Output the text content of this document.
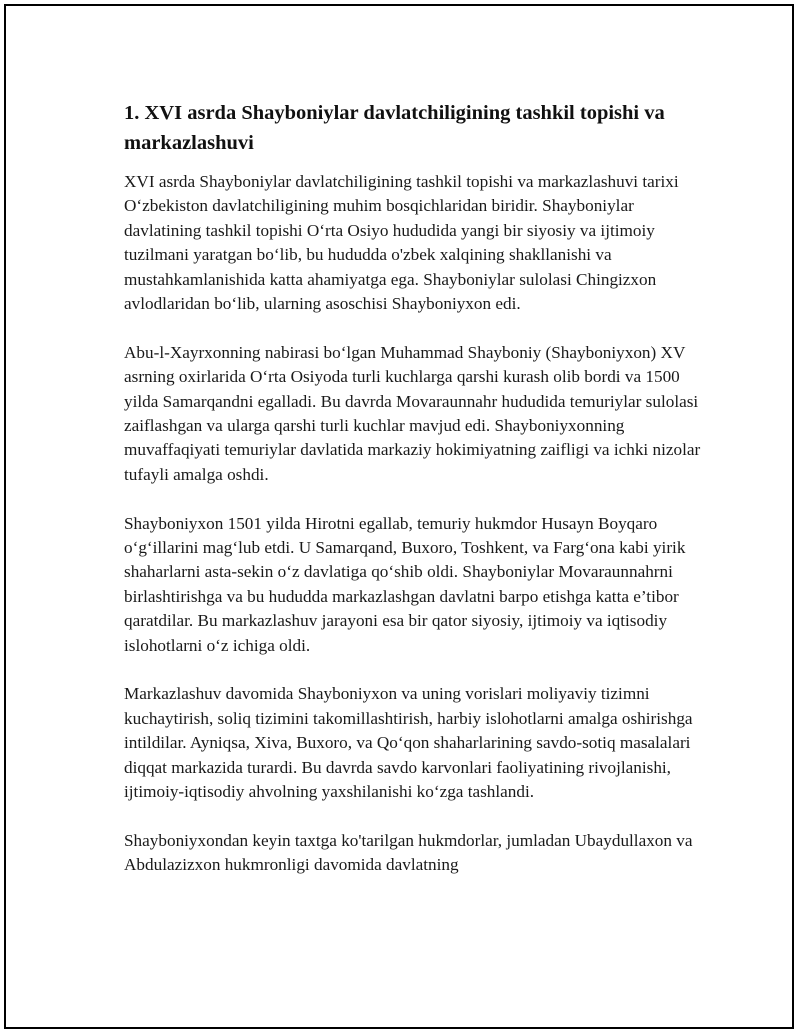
1. XVI asrda Shayboniylar davlatchiligining tashkil topishi va markazlashuvi

XVI asrda Shayboniylar davlatchiligining tashkil topishi va markazlashuvi tarixi O‘zbekiston davlatchiligining muhim bosqichlaridan biridir. Shayboniylar davlatining tashkil topishi O‘rta Osiyo hududida yangi bir siyosiy va ijtimoiy tuzilmani yaratgan bo‘lib, bu hududda o'zbek xalqining shakllanishi va mustahkamlanishida katta ahamiyatga ega. Shayboniylar sulolasi Chingizxon avlodlaridan bo‘lib, ularning asoschisi Shayboniyxon edi.

Abu-l-Xayrxonning nabirasi bo‘lgan Muhammad Shayboniy (Shayboniyxon) XV asrning oxirlarida O‘rta Osiyoda turli kuchlarga qarshi kurash olib bordi va 1500 yilda Samarqandni egalladi. Bu davrda Movaraunnahr hududida temuriylar sulolasi zaiflashgan va ularga qarshi turli kuchlar mavjud edi. Shayboniyxonning muvaffaqiyati temuriylar davlatida markaziy hokimiyatning zaifligi va ichki nizolar tufayli amalga oshdi.

Shayboniyxon 1501 yilda Hirotni egallab, temuriy hukmdor Husayn Boyqaro o‘g‘illarini mag‘lub etdi. U Samarqand, Buxoro, Toshkent, va Farg‘ona kabi yirik shaharlarni asta-sekin o‘z davlatiga qo‘shib oldi. Shayboniylar Movaraunnahrni birlashtirishga va bu hududda markazlashgan davlatni barpo etishga katta e’tibor qaratdilar. Bu markazlashuv jarayoni esa bir qator siyosiy, ijtimoiy va iqtisodiy islohotlarni o‘z ichiga oldi.

Markazlashuv davomida Shayboniyxon va uning vorislari moliyaviy tizimni kuchaytirish, soliq tizimini takomillashtirish, harbiy islohotlarni amalga oshirishga intildilar. Ayniqsa, Xiva, Buxoro, va Qo‘qon shaharlarining savdo-sotiq masalalari diqqat markazida turardi. Bu davrda savdo karvonlari faoliyatining rivojlanishi, ijtimoiy-iqtisodiy ahvolning yaxshilanishi ko‘zga tashlandi.

Shayboniyxondan keyin taxtga ko'tarilgan hukmdorlar, jumladan Ubaydullaxon va Abdulazizxon hukmronligi davomida davlatning
